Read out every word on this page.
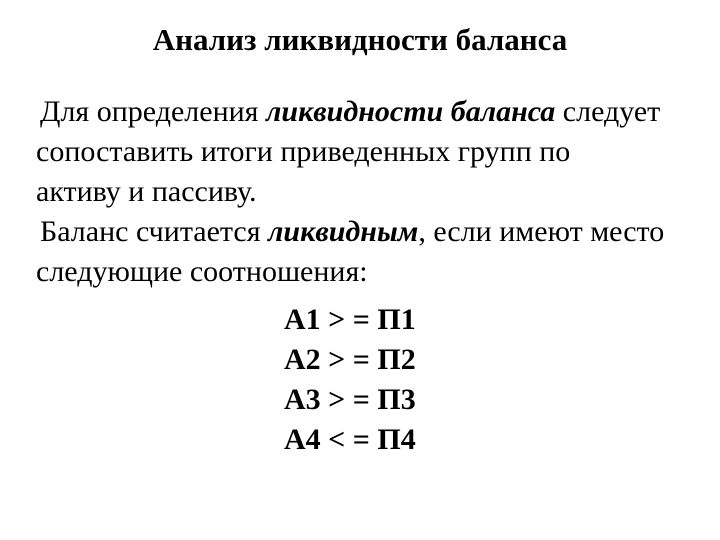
Анализ ликвидности баланса
Для определения ликвидности баланса следует
сопоставить итоги приведенных групп по
активу и пассиву.
Баланс считается ликвидным, если имеют место
следующие соотношения:
А1 > = П1
А2 > = П2
А3 > = П3
А4 < = П4
